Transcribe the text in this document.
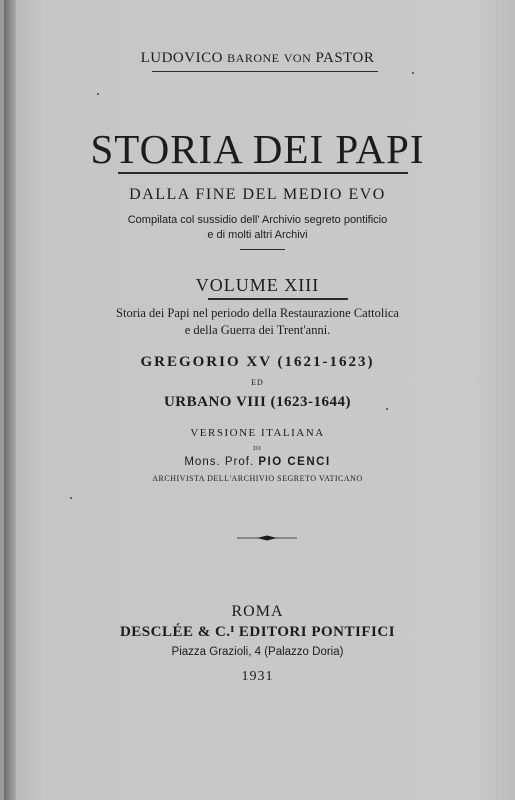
LUDOVICO BARONE VON PASTOR
STORIA DEI PAPI
DALLA FINE DEL MEDIO EVO
Compilata col sussidio dell' Archivio segreto pontificio
e di molti altri Archivi
VOLUME XIII
Storia dei Papi nel periodo della Restaurazione Cattolica
e della Guerra dei Trent'anni.
GREGORIO XV (1621-1623)
ED
URBANO VIII (1623-1644)
VERSIONE ITALIANA
DI
Mons. Prof. PIO CENCI
ARCHIVISTA DELL'ARCHIVIO SEGRETO VATICANO
ROMA
DESCLÉE & C.ᴵ EDITORI PONTIFICI
Piazza Grazioli, 4 (Palazzo Doria)
1931
